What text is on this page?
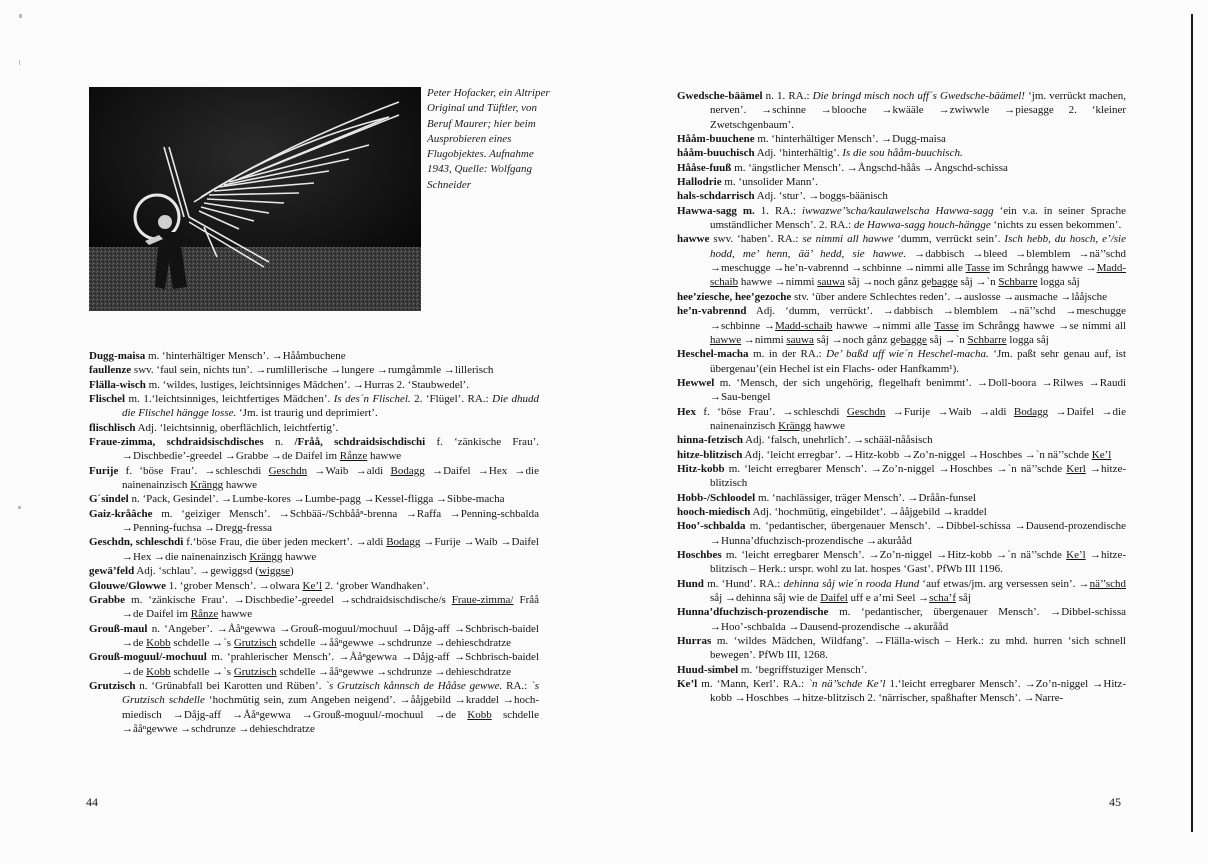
Peter Hofacker, ein Altriper Original und Tüftler, von Beruf Maurer; hier beim Ausprobieren eines Flugobjektes. Aufnahme 1943, Quelle: Wolfgang Schneider

Dugg-maisa m. ‘hinterhältiger Mensch’. →Hååmbuchene

faullenze swv. ‘faul sein, nichts tun’. →rumlillerische →lungere →rumgåmmle →lillerisch

Flälla-wisch m. ‘wildes, lustiges, leichtsinniges Mädchen’. →Hurras 2. ‘Staubwedel’.

Flischel m. 1.‘leichtsinniges, leichtfertiges Mädchen’. Is des´n Flischel. 2. ‘Flügel’. RA.: Die dhudd die Flischel hängge losse. ‘Jm. ist traurig und deprimiert’.

flischlisch Adj. ‘leichtsinnig, oberflächlich, leichtfertig’.

Fraue-zimma, schdraidsischdisches n. /Fråå, schdraidsischdischi f. ‘zänkische Frau’. →Dischbedie’-greedel →Grabbe →de Daifel im Rånze hawwe

Furije f. ‘böse Frau’. →schleschdi Geschdn →Waib →aldi Bodagg →Daifel →Hex →die nainenainzisch Krängg hawwe

G´sindel n. ‘Pack, Gesindel’. →Lumbe-kores →Lumbe-pagg →Kessel-fligga →Sibbe-macha

Gaiz-kråâche m. ‘geiziger Mensch’. →Schbää-/Schbååⁿ-brenna →Raffa →Penning-schbalda →Penning-fuchsa →Dregg-fressa

Geschdn, schleschdi f.‘böse Frau, die über jeden meckert’. →aldi Bodagg →Furije →Waib →Daifel →Hex →die nainenainzisch Krängg hawwe

gewä’feld Adj. ‘schlau’. →gewiggsd (wiggse)

Glouwe/Glowwe 1. ‘grober Mensch’. →olwara Ke’l 2. ‘grober Wandhaken’.

Grabbe m. ‘zänkische Frau’. →Dischbedie’-greedel →schdraidsischdische/s Fraue-zimma/ Fråå →de Daifel im Rånze hawwe

Grouß-maul n. ‘Angeber’. →Ååⁿgewwa →Grouß-moguul/mochuul →Dåjg-aff →Schbrisch-baidel →de Kobb schdelle →`s Grutzisch schdelle →ååⁿgewwe →schdrunze →dehieschdratze

Grouß-moguul/-mochuul m. ‘prahlerischer Mensch’. →Ååⁿgewwa →Dåjg-aff →Schbrisch-baidel →de Kobb schdelle →`s Grutzisch schdelle →ååⁿgewwe →schdrunze →dehieschdratze

Grutzisch n. ‘Grünabfall bei Karotten und Rüben’. `s Grutzisch kånnsch de Hååse gewwe. RA.: `s Grutzisch schdelle ‘hochmütig sein, zum Angeben neigend’. →ååjgebild →kraddel →hoch-miedisch →Dåjg-aff →Ååⁿgewwa →Grouß-moguul/-mochuul →de Kobb schdelle →ååⁿgewwe →schdrunze →dehieschdratze

Gwedsche-bäämel n. 1. RA.: Die bringd misch noch uff´s Gwedsche-bäämel! ‘jm. verrückt machen, nerven’. →schinne →blooche →kwääle →zwiwwle →piesagge 2. ‘kleiner Zwetschgenbaum’.

Hååm-buuchene m. ‘hinterhältiger Mensch’. →Dugg-maisa

hååm-buuchisch Adj. ‘hinterhältig’. Is die sou hååm-buuchisch.

Hååse-fuuß m. ‘ängstlicher Mensch’. →Ångschd-håås →Ångschd-schissa

Hallodrie m. ‘unsolider Mann’.

hals-schdarrisch Adj. ‘stur’. →boggs-bäänisch

Hawwa-sagg m. 1. RA.: iwwazwe’’scha/kaulawelscha Hawwa-sagg ‘ein v.a. in seiner Sprache umständlicher Mensch’. 2. RA.: de Hawwa-sagg houch-hängge ‘nichts zu essen bekommen’.

hawwe swv. ‘haben’. RA.: se nimmi all hawwe ‘dumm, verrückt sein’. Isch hebb, du hosch, e’/sie hodd, me’ henn, ää’ hedd, sie hawwe. →dabbisch →bleed →blemblem →nä’’schd →meschugge →he’n-vabrennd →schbinne →nimmi alle Tasse im Schrångg hawwe →Madd-schaib hawwe →nimmi sauwa såj →noch gånz gebagge såj →`n Schbarre logga såj

hee’ziesche, hee’gezoche stv. ‘über andere Schlechtes reden’. →auslosse →ausmache →lååjsche

he’n-vabrennd Adj. ‘dumm, verrückt’. →dabbisch →blemblem →nä’’schd →meschugge →schbinne →Madd-schaib hawwe →nimmi alle Tasse im Schrångg hawwe →se nimmi all hawwe →nimmi sauwa såj →noch gånz gebagge såj →`n Schbarre logga såj

Heschel-macha m. in der RA.: De’ baßd uff wie´n Heschel-macha. ‘Jm. paßt sehr genau auf, ist übergenau’(ein Hechel ist ein Flachs- oder Hanfkamm¹).

Hewwel m. ‘Mensch, der sich ungehörig, flegelhaft benimmt’. →Doll-boora →Rilwes →Raudi →Sau-bengel

Hex f. ‘böse Frau’. →schleschdi Geschdn →Furije →Waib →aldi Bodagg →Daifel →die nainenainzisch Krängg hawwe

hinna-fetzisch Adj. ‘falsch, unehrlich’. →schääl-nååsisch

hitze-blitzisch Adj. ‘leicht erregbar’. →Hitz-kobb →Zo’n-niggel →Hoschbes →`n nä’’schde Ke’l

Hitz-kobb m. ‘leicht erregbarer Mensch’. →Zo’n-niggel →Hoschbes →`n nä’’schde Kerl →hitze-blitzisch

Hobb-/Schloodel m. ‘nachlässiger, träger Mensch’. →Dråån-funsel

hooch-miedisch Adj. ‘hochmütig, eingebildet’. →ååjgebild →kraddel

Hoo’-schbalda m. ‘pedantischer, übergenauer Mensch’. →Dibbel-schissa →Dausend-prozendische →Hunna’dfuchzisch-prozendische →akurååd

Hoschbes m. ‘leicht erregbarer Mensch’. →Zo’n-niggel →Hitz-kobb →`n nä’’schde Ke’l →hitze-blitzisch – Herk.: urspr. wohl zu lat. hospes ‘Gast’. PfWb III 1196.

Hund m. ‘Hund’. RA.: dehinna såj wie´n rooda Hund ‘auf etwas/jm. arg versessen sein’. →nä’’schd såj →dehinna såj wie de Daifel uff e a’mi Seel →scha’f såj

Hunna’dfuchzisch-prozendische m. ‘pedantischer, übergenauer Mensch’. →Dibbel-schissa →Hoo’-schbalda →Dausend-prozendische →akurååd

Hurras m. ‘wildes Mädchen, Wildfang’. →Flälla-wisch – Herk.: zu mhd. hurren ‘sich schnell bewegen’. PfWb III, 1268.

Huud-simbel m. ‘begriffstuziger Mensch’.

Ke’l m. ‘Mann, Kerl’. RA.: `n nä’’schde Ke’l 1.‘leicht erregbarer Mensch’. →Zo’n-niggel →Hitz-kobb →Hoschbes →hitze-blitzisch 2. ‘närrischer, spaßhafter Mensch’. →Narre-

44	45
